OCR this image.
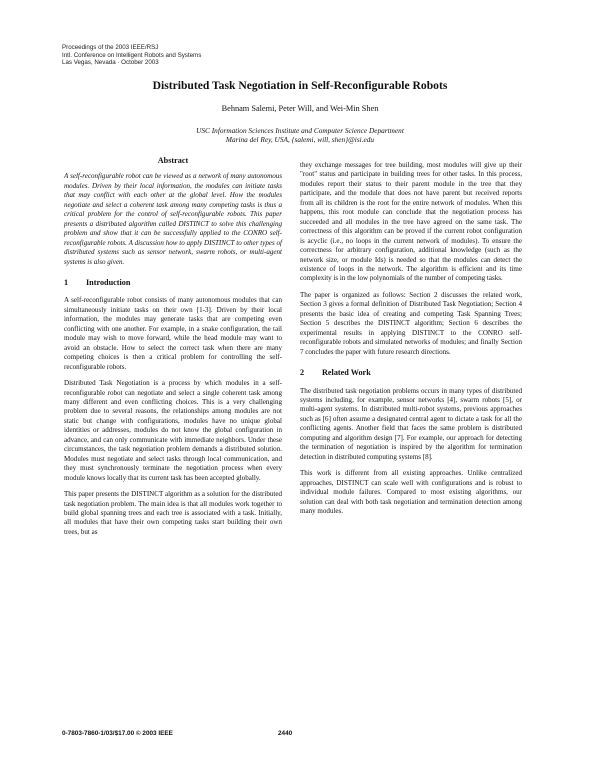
Proceedings of the 2003 IEEE/RSJ
Intl. Conference on Intelligent Robots and Systems
Las Vegas, Nevada · October 2003
Distributed Task Negotiation in Self-Reconfigurable Robots
Behnam Salemi, Peter Will, and Wei-Min Shen
USC Information Sciences Institute and Computer Science Department
Marina del Rey, USA, {salemi, will, shen}@isi.edu
Abstract

A self-reconfigurable robot can be viewed as a network of many autonomous modules. Driven by their local information, the modules can initiate tasks that may conflict with each other at the global level. How the modules negotiate and select a coherent task among many competing tasks is thus a critical problem for the control of self-reconfigurable robots. This paper presents a distributed algorithm called DISTINCT to solve this challenging problem and show that it can be successfully applied to the CONRO self-reconfigurable robots. A discussion how to apply DISTINCT to other types of distributed systems such as sensor network, swarm robots, or multi-agent systems is also given.

1 Introduction

A self-reconfigurable robot consists of many autonomous modules that can simultaneously initiate tasks on their own [1-3]. Driven by their local information, the modules may generate tasks that are competing even conflicting with one another. For example, in a snake configuration, the tail module may wish to move forward, while the head module may want to avoid an obstacle. How to select the correct task when there are many competing choices is then a critical problem for controlling the self-reconfigurable robots.

Distributed Task Negotiation is a process by which modules in a self-reconfigurable robot can negotiate and select a single coherent task among many different and even conflicting choices. This is a very challenging problem due to several reasons, the relationships among modules are not static but change with configurations, modules have no unique global identities or addresses, modules do not know the global configuration in advance, and can only communicate with immediate neighbors. Under these circumstances, the task negotiation problem demands a distributed solution. Modules must negotiate and select tasks through local communication, and they must synchronously terminate the negotiation process when every module knows locally that its current task has been accepted globally.

This paper presents the DISTINCT algorithm as a solution for the distributed task negotiation problem. The main idea is that all modules work together to build global spanning trees and each tree is associated with a task. Initially, all modules that have their own competing tasks start building their own trees, but as

they exchange messages for tree building, most modules will give up their "root" status and participate in building trees for other tasks. In this process, modules report their status to their parent module in the tree that they participate, and the module that does not have parent but received reports from all its children is the root for the entire network of modules. When this happens, this root module can conclude that the negotiation process has succeeded and all modules in the tree have agreed on the same task. The correctness of this algorithm can be proved if the current robot configuration is acyclic (i.e., no loops in the current network of modules). To ensure the correctness for arbitrary configuration, additional knowledge (such as the network size, or module Ids) is needed so that the modules can detect the existence of loops in the network. The algorithm is efficient and its time complexity is in the low polynomials of the number of competing tasks.

The paper is organized as follows: Section 2 discusses the related work, Section 3 gives a formal definition of Distributed Task Negotiation; Section 4 presents the basic idea of creating and competing Task Spanning Trees; Section 5 describes the DISTINCT algorithm; Section 6 describes the experimental results in applying DISTINCT to the CONRO self-reconfigurable robots and simulated networks of modules; and finally Section 7 concludes the paper with future research directions.

2 Related Work

The distributed task negotiation problems occurs in many types of distributed systems including, for example, sensor networks [4], swarm robots [5], or multi-agent systems. In distributed multi-robot systems, previous approaches such as [6] often assume a designated central agent to dictate a task for all the conflicting agents. Another field that faces the same problem is distributed computing and algorithm design [7]. For example, our approach for detecting the termination of negotiation is inspired by the algorithm for termination detection in distributed computing systems [8].

This work is different from all existing approaches. Unlike centralized approaches, DISTINCT can scale well with configurations and is robust to individual module failures. Compared to most existing algorithms, our solution can deal with both task negotiation and termination detection among many modules.

0-7803-7860-1/03/$17.00 © 2003 IEEE	2440
